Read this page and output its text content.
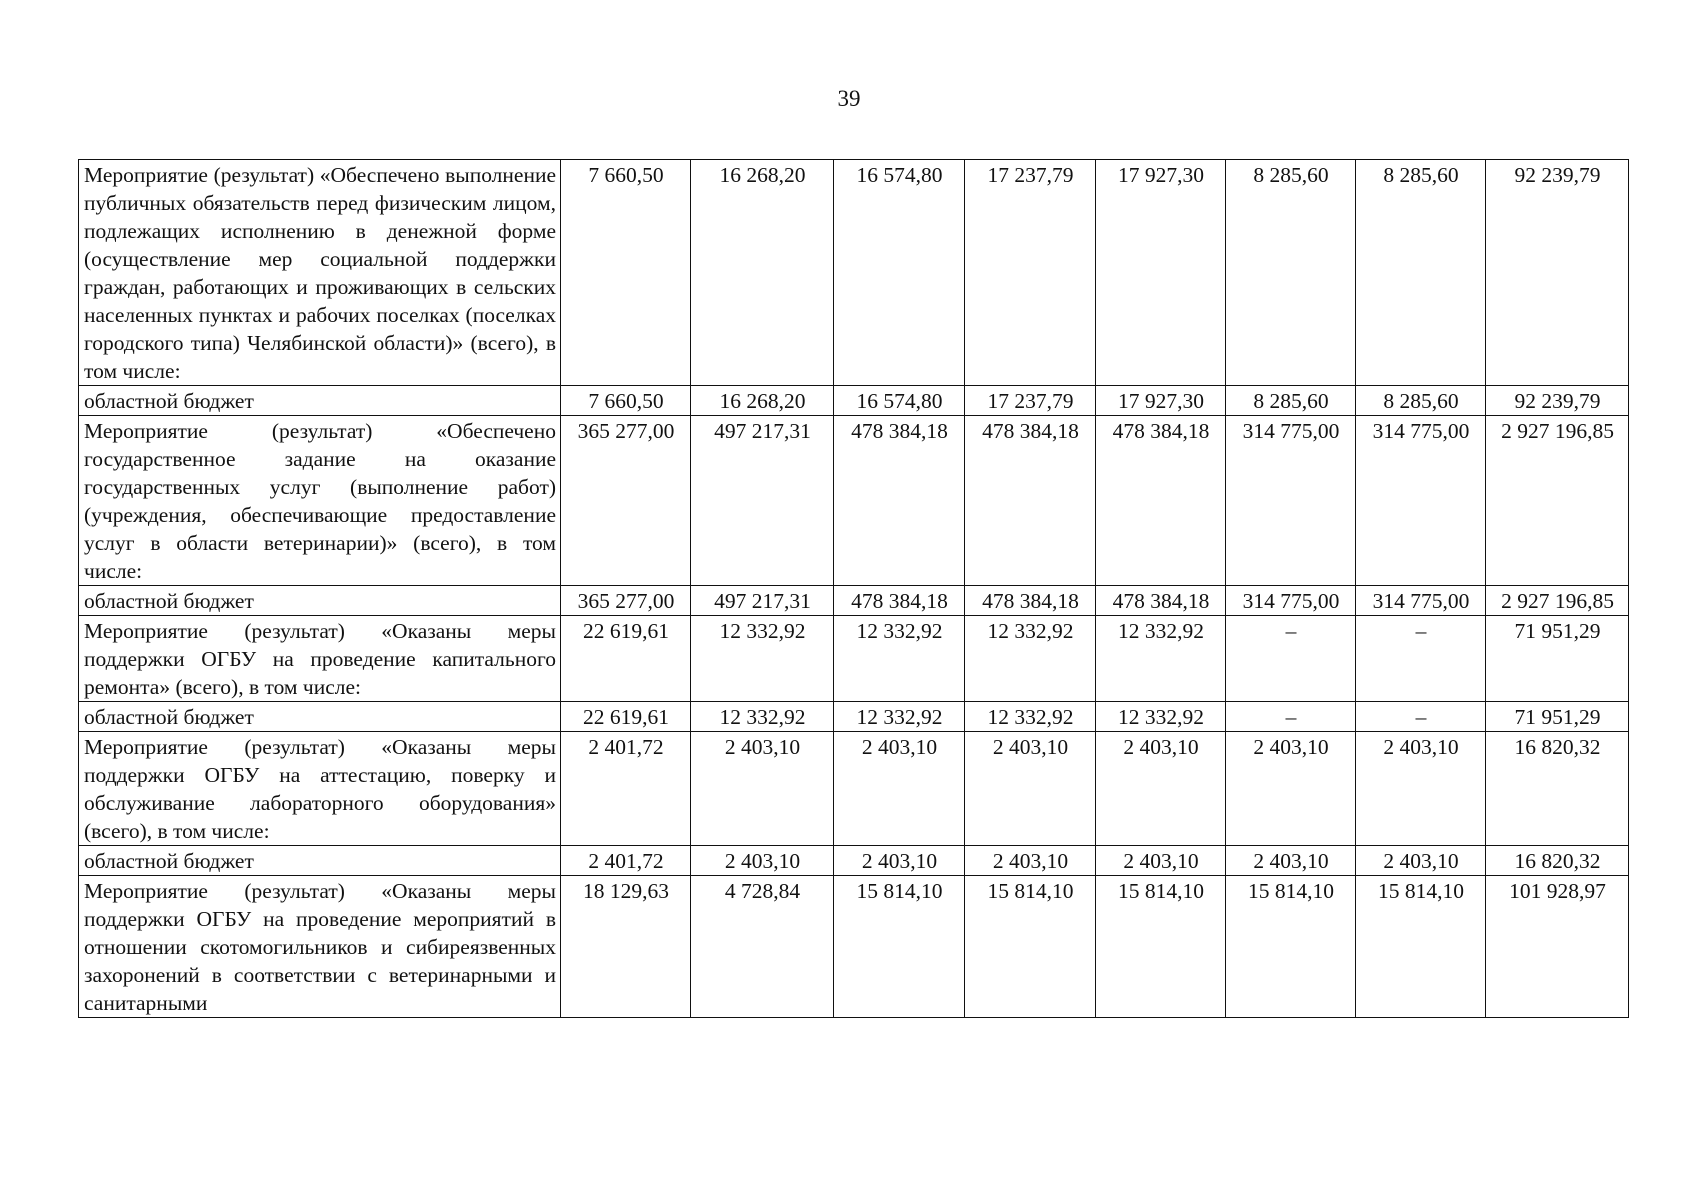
39
Мероприятие (результат) «Обеспечено выполнение публичных обязательств перед физическим лицом, подлежащих исполнению в денежной форме (осуществление мер социальной поддержки граждан, работающих и проживающих в сельских населенных пунктах и рабочих поселках (поселках городского типа) Челябинской области)» (всего), в том числе:	7 660,50	16 268,20	16 574,80	17 237,79	17 927,30	8 285,60	8 285,60	92 239,79
областной бюджет	7 660,50	16 268,20	16 574,80	17 237,79	17 927,30	8 285,60	8 285,60	92 239,79
Мероприятие (результат) «Обеспечено государственное задание на оказание государственных услуг (выполнение работ) (учреждения, обеспечивающие предоставление услуг в области ветеринарии)» (всего), в том числе:	365 277,00	497 217,31	478 384,18	478 384,18	478 384,18	314 775,00	314 775,00	2 927 196,85
областной бюджет	365 277,00	497 217,31	478 384,18	478 384,18	478 384,18	314 775,00	314 775,00	2 927 196,85
Мероприятие (результат) «Оказаны меры поддержки ОГБУ на проведение капитального ремонта» (всего), в том числе:	22 619,61	12 332,92	12 332,92	12 332,92	12 332,92	–	–	71 951,29
областной бюджет	22 619,61	12 332,92	12 332,92	12 332,92	12 332,92	–	–	71 951,29
Мероприятие (результат) «Оказаны меры поддержки ОГБУ на аттестацию, поверку и обслуживание лабораторного оборудования» (всего), в том числе:	2 401,72	2 403,10	2 403,10	2 403,10	2 403,10	2 403,10	2 403,10	16 820,32
областной бюджет	2 401,72	2 403,10	2 403,10	2 403,10	2 403,10	2 403,10	2 403,10	16 820,32
Мероприятие (результат) «Оказаны меры поддержки ОГБУ на проведение мероприятий в отношении скотомогильников и сибиреязвенных захоронений в соответствии с ветеринарными и санитарными	18 129,63	4 728,84	15 814,10	15 814,10	15 814,10	15 814,10	15 814,10	101 928,97
